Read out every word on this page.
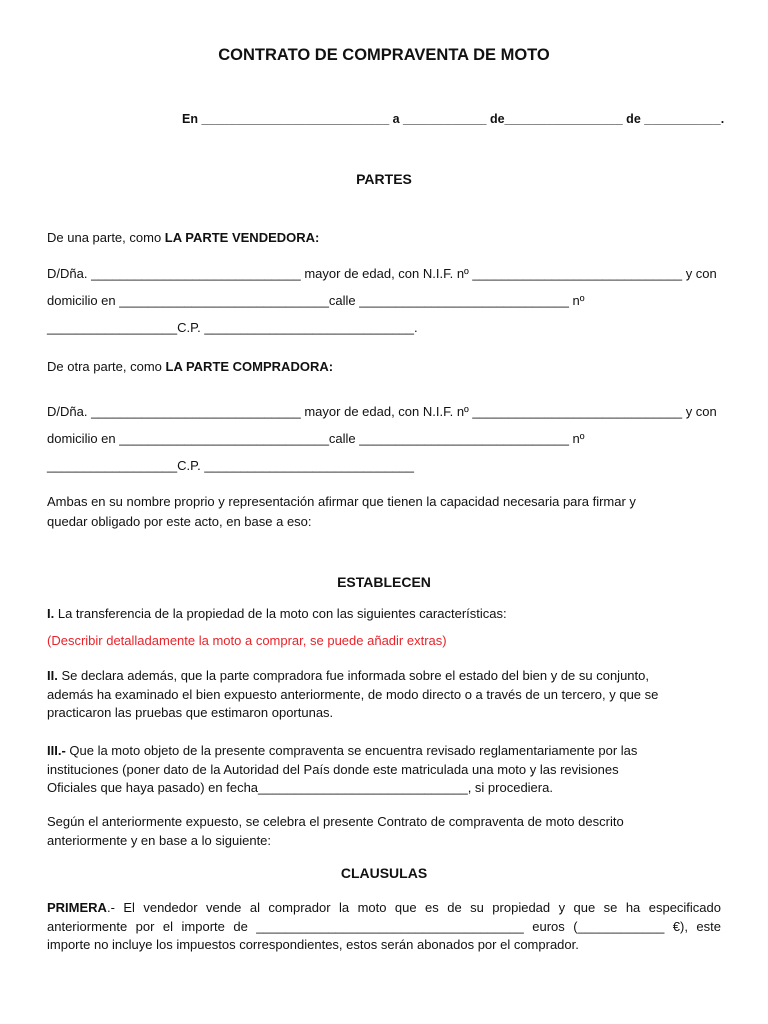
CONTRATO DE COMPRAVENTA DE MOTO
En ___________________________ a ____________ de_________________ de ___________.
PARTES
De una parte, como LA PARTE VENDEDORA:
D/Dña. _____________________________ mayor de edad, con N.I.F. nº _____________________________ y con
domicilio en _____________________________calle _____________________________ nº
__________________C.P. _____________________________.
De otra parte, como LA PARTE COMPRADORA:
D/Dña. _____________________________ mayor de edad, con N.I.F. nº _____________________________ y con
domicilio en _____________________________calle _____________________________ nº
__________________C.P. _____________________________
Ambas en su nombre proprio y representación afirmar que tienen la capacidad necesaria para firmar y
quedar obligado por este acto, en base a eso:
ESTABLECEN
I. La transferencia de la propiedad de la moto con las siguientes características:
(Describir detalladamente la moto a comprar, se puede añadir extras)
II. Se declara además, que la parte compradora fue informada sobre el estado del bien y de su conjunto,
además ha examinado el bien expuesto anteriormente, de modo directo o a través de un tercero, y que se
practicaron las pruebas que estimaron oportunas.
III.- Que la moto objeto de la presente compraventa se encuentra revisado reglamentariamente por las
instituciones (poner dato de la Autoridad del País donde este matriculada una moto y las revisiones
Oficiales que haya pasado) en fecha_____________________________, si procediera.
Según el anteriormente expuesto, se celebra el presente Contrato de compraventa de moto descrito
anteriormente y en base a lo siguiente:
CLAUSULAS
PRIMERA.- El vendedor vende al comprador la moto que es de su propiedad y que se ha especificado
anteriormente por el importe de _____________________________________ euros (____________ €), este
importe no incluye los impuestos correspondientes, estos serán abonados por el comprador.
